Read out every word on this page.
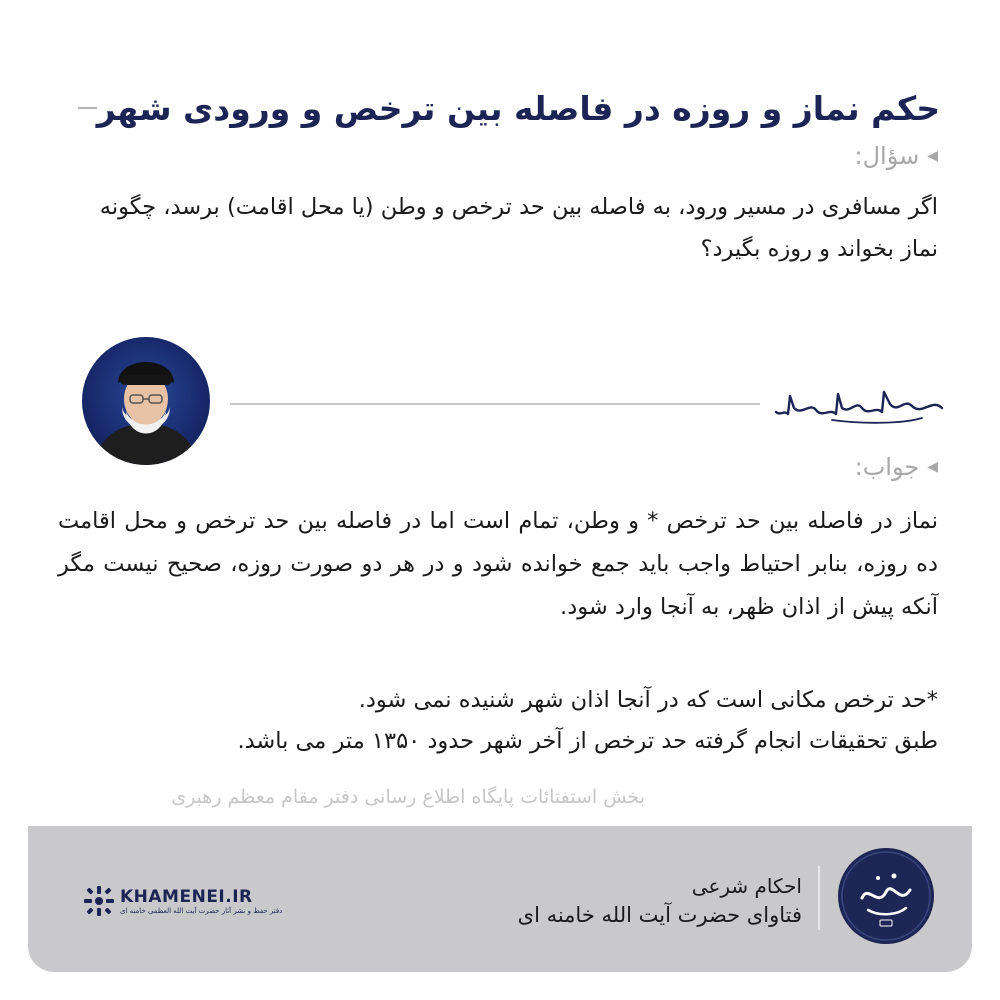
حکم نماز و روزه در فاصله بین ترخص و ورودی شهر
◀
سؤال:
اگر مسافری در مسیر ورود، به فاصله بین حد ترخص و وطن (یا محل اقامت) برسد، چگونه نماز بخواند و روزه بگیرد؟
◀
جواب:

نماز در فاصله بین حد ترخص * و وطن، تمام است اما در فاصله بین حد ترخص و محل اقامت ده روزه، بنابر احتیاط واجب باید جمع خوانده شود و در هر دو صورت روزه، صحیح نیست مگر آنکه پیش از اذان ظهر، به آنجا وارد شود.

*حد ترخص مکانی است که در آنجا اذان شهر شنیده نمی شود.

طبق تحقیقات انجام گرفته حد ترخص از آخر شهر حدود ۱۳۵۰ متر می باشد.

بخش استفتائات پایگاه اطلاع رسانی دفتر مقام معظم رهبری
احکام شرعی
فتاوای حضرت آیت الله خامنه ای
KHAMENEI.IR
دفتر حفظ و نشر آثار حضرت آیت الله العظمی خامنه ای
